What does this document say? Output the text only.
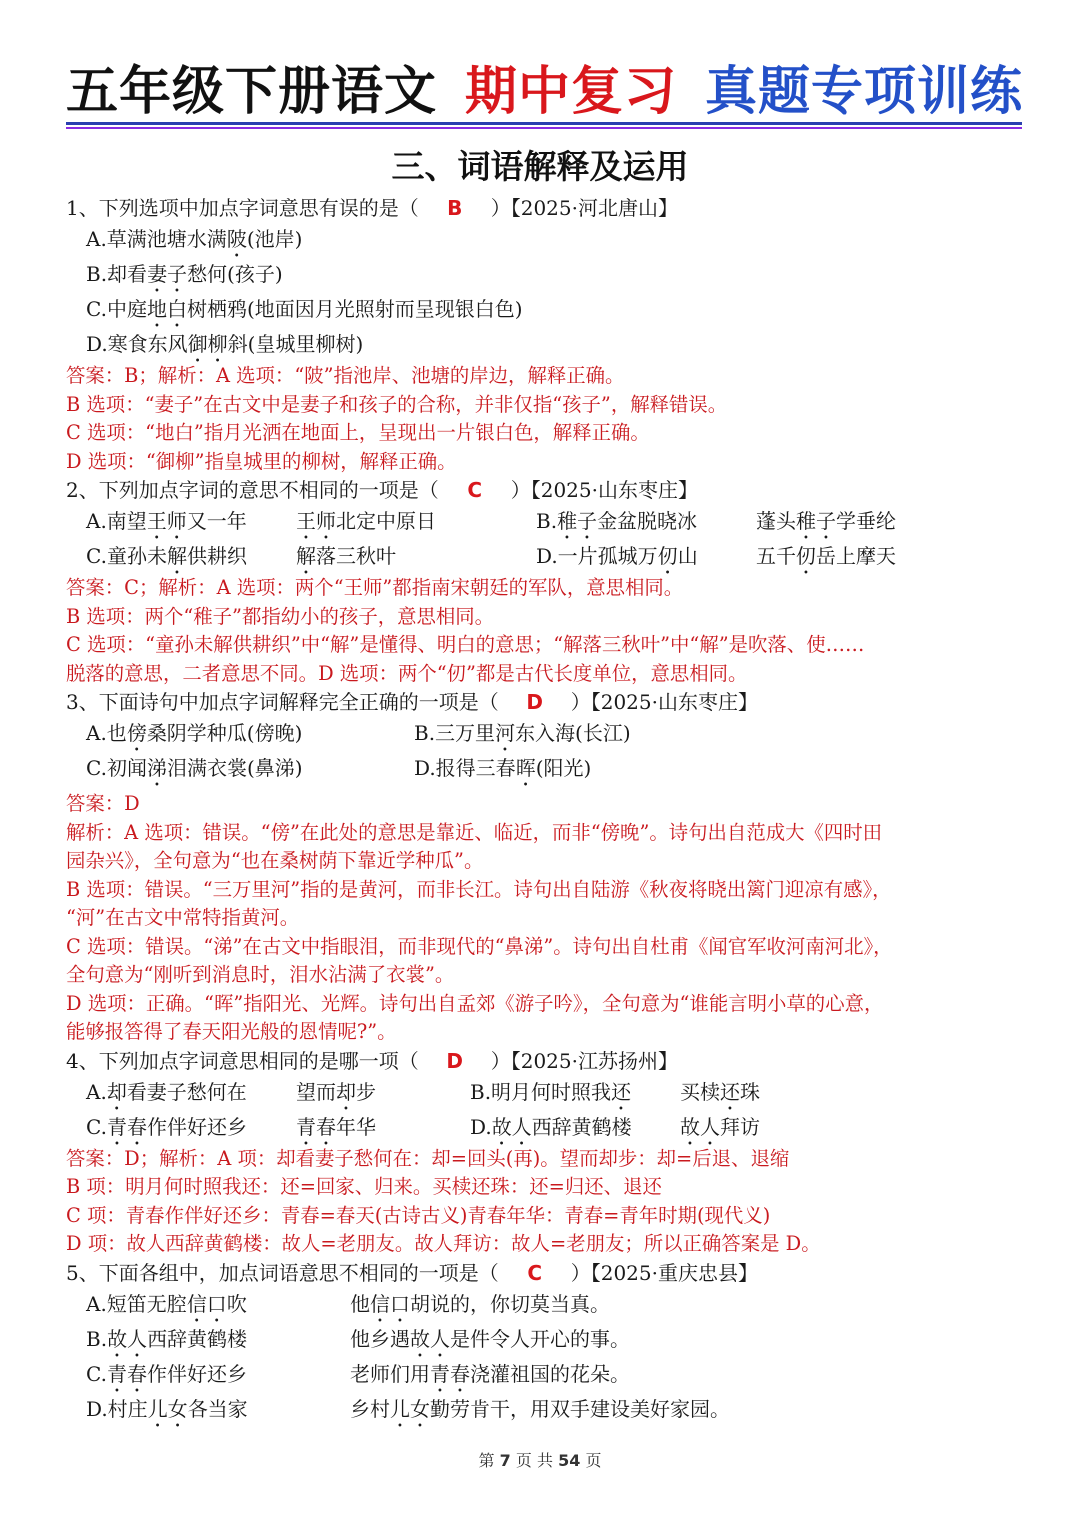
五年级下册语文 期中复习 真题专项训练
三、词语解释及运用
1、下列选项中加点字词意思有误的是（ B ）【2025·河北唐山】
A.草满池塘水满陂(池岸)
B.却看妻子愁何(孩子)
C.中庭地白树栖鸦(地面因月光照射而呈现银白色)
D.寒食东风御柳斜(皇城里柳树)

答案：B；解析：A 选项：“陂”指池岸、池塘的岸边，解释正确。

B 选项：“妻子”在古文中是妻子和孩子的合称，并非仅指“孩子”，解释错误。

C 选项：“地白”指月光洒在地面上，呈现出一片银白色，解释正确。

D 选项：“御柳”指皇城里的柳树，解释正确。

2、下列加点字词的意思不相同的一项是（ C ）【2025·山东枣庄】
A.南望王师又一年 王师北定中原日	B.稚子金盆脱晓冰	蓬头稚子学垂纶
C.童孙未解供耕织 解落三秋叶	D.一片孤城万仞山	五千仞岳上摩天

答案：C；解析：A 选项：两个“王师”都指南宋朝廷的军队，意思相同。

B 选项：两个“稚子”都指幼小的孩子，意思相同。

C 选项：“童孙未解供耕织”中“解”是懂得、明白的意思；“解落三秋叶”中“解”是吹落、使……

脱落的意思，二者意思不同。D 选项：两个“仞”都是古代长度单位，意思相同。

3、下面诗句中加点字词解释完全正确的一项是（ D ）【2025·山东枣庄】
A.也傍桑阴学种瓜(傍晚)	B.三万里河东入海(长江)
C.初闻涕泪满衣裳(鼻涕)	D.报得三春晖(阳光)

答案：D

解析：A 选项：错误。“傍”在此处的意思是靠近、临近，而非“傍晚”。诗句出自范成大《四时田

园杂兴》，全句意为“也在桑树荫下靠近学种瓜”。

B 选项：错误。“三万里河”指的是黄河，而非长江。诗句出自陆游《秋夜将晓出篱门迎凉有感》，

“河”在古文中常特指黄河。

C 选项：错误。“涕”在古文中指眼泪，而非现代的“鼻涕”。诗句出自杜甫《闻官军收河南河北》，

全句意为“刚听到消息时，泪水沾满了衣裳”。

D 选项：正确。“晖”指阳光、光辉。诗句出自孟郊《游子吟》，全句意为“谁能言明小草的心意，

能够报答得了春天阳光般的恩情呢?”。

4、下列加点字词意思相同的是哪一项（ D ）【2025·江苏扬州】
A.却看妻子愁何在 望而却步	B.明月何时照我还 买椟还珠
C.青春作伴好还乡 青春年华	D.故人西辞黄鹤楼 故人拜访

答案：D；解析：A 项：却看妻子愁何在：却=回头(再)。望而却步：却=后退、退缩

B 项：明月何时照我还：还=回家、归来。买椟还珠：还=归还、退还

C 项：青春作伴好还乡：青春=春天(古诗古义)青春年华：青春=青年时期(现代义)

D 项：故人西辞黄鹤楼：故人=老朋友。故人拜访：故人=老朋友；所以正确答案是 D。

5、下面各组中，加点词语意思不相同的一项是（ C ）【2025·重庆忠县】
A.短笛无腔信口吹	他信口胡说的，你切莫当真。
B.故人西辞黄鹤楼	他乡遇故人是件令人开心的事。
C.青春作伴好还乡	老师们用青春浇灌祖国的花朵。
D.村庄儿女各当家	乡村儿女勤劳肯干，用双手建设美好家园。
第 7 页 共 54 页
